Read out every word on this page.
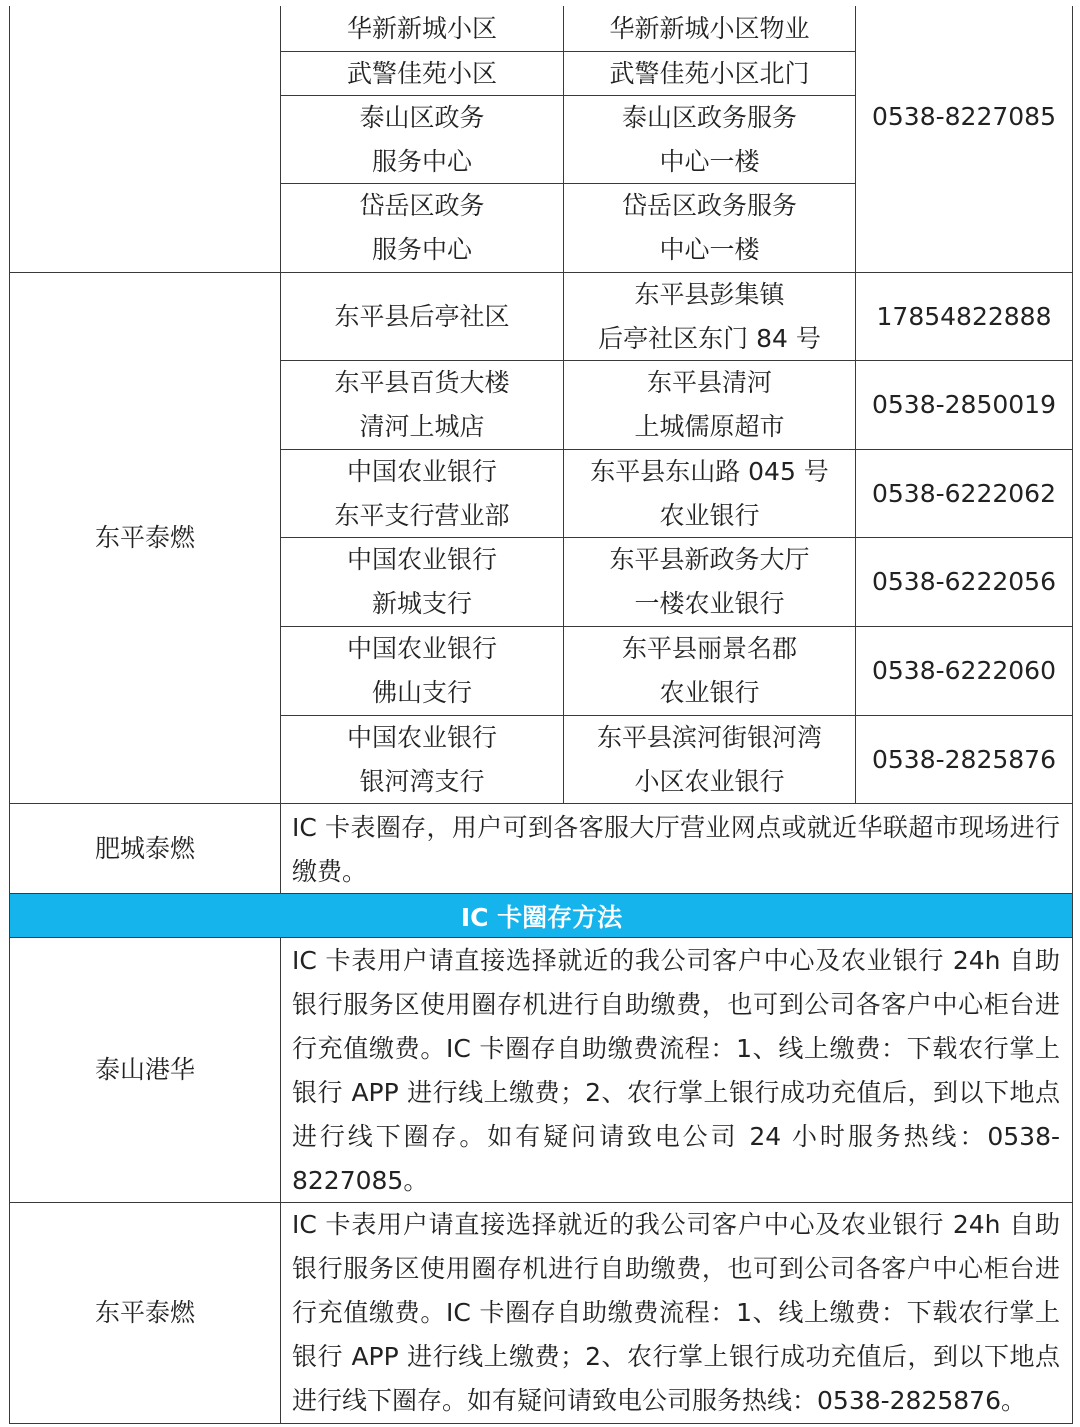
IC 卡圈存方法
华新新城小区	华新新城小区物业
武警佳苑小区	武警佳苑小区北门
泰山区政务
服务中心
泰山区政务服务
中心一楼
岱岳区政务
服务中心
岱岳区政务服务
中心一楼
0538-8227085
东平泰燃
东平县后亭社区
东平县彭集镇
后亭社区东门 84 号
17854822888
东平县百货大楼
清河上城店
东平县清河
上城儒原超市
0538-2850019
中国农业银行
东平支行营业部
东平县东山路 045 号
农业银行
0538-6222062
中国农业银行
新城支行
东平县新政务大厅
一楼农业银行
0538-6222056
中国农业银行
佛山支行
东平县丽景名郡
农业银行
0538-6222060
中国农业银行
银河湾支行
东平县滨河街银河湾
小区农业银行
0538-2825876
肥城泰燃
IC 卡表圈存，用户可到各客服大厅营业网点或就近华联超市现场进行缴费。
泰山港华
IC 卡表用户请直接选择就近的我公司客户中心及农业银行 24h 自助银行服务区使用圈存机进行自助缴费，也可到公司各客户中心柜台进行充值缴费。IC 卡圈存自助缴费流程：1、线上缴费：下载农行掌上银行 APP 进行线上缴费；2、农行掌上银行成功充值后，到以下地点进行线下圈存。如有疑问请致电公司 24 小时服务热线：0538-8227085。
东平泰燃
IC 卡表用户请直接选择就近的我公司客户中心及农业银行 24h 自助银行服务区使用圈存机进行自助缴费，也可到公司各客户中心柜台进行充值缴费。IC 卡圈存自助缴费流程：1、线上缴费：下载农行掌上银行 APP 进行线上缴费；2、农行掌上银行成功充值后，到以下地点进行线下圈存。如有疑问请致电公司服务热线：0538-2825876。
